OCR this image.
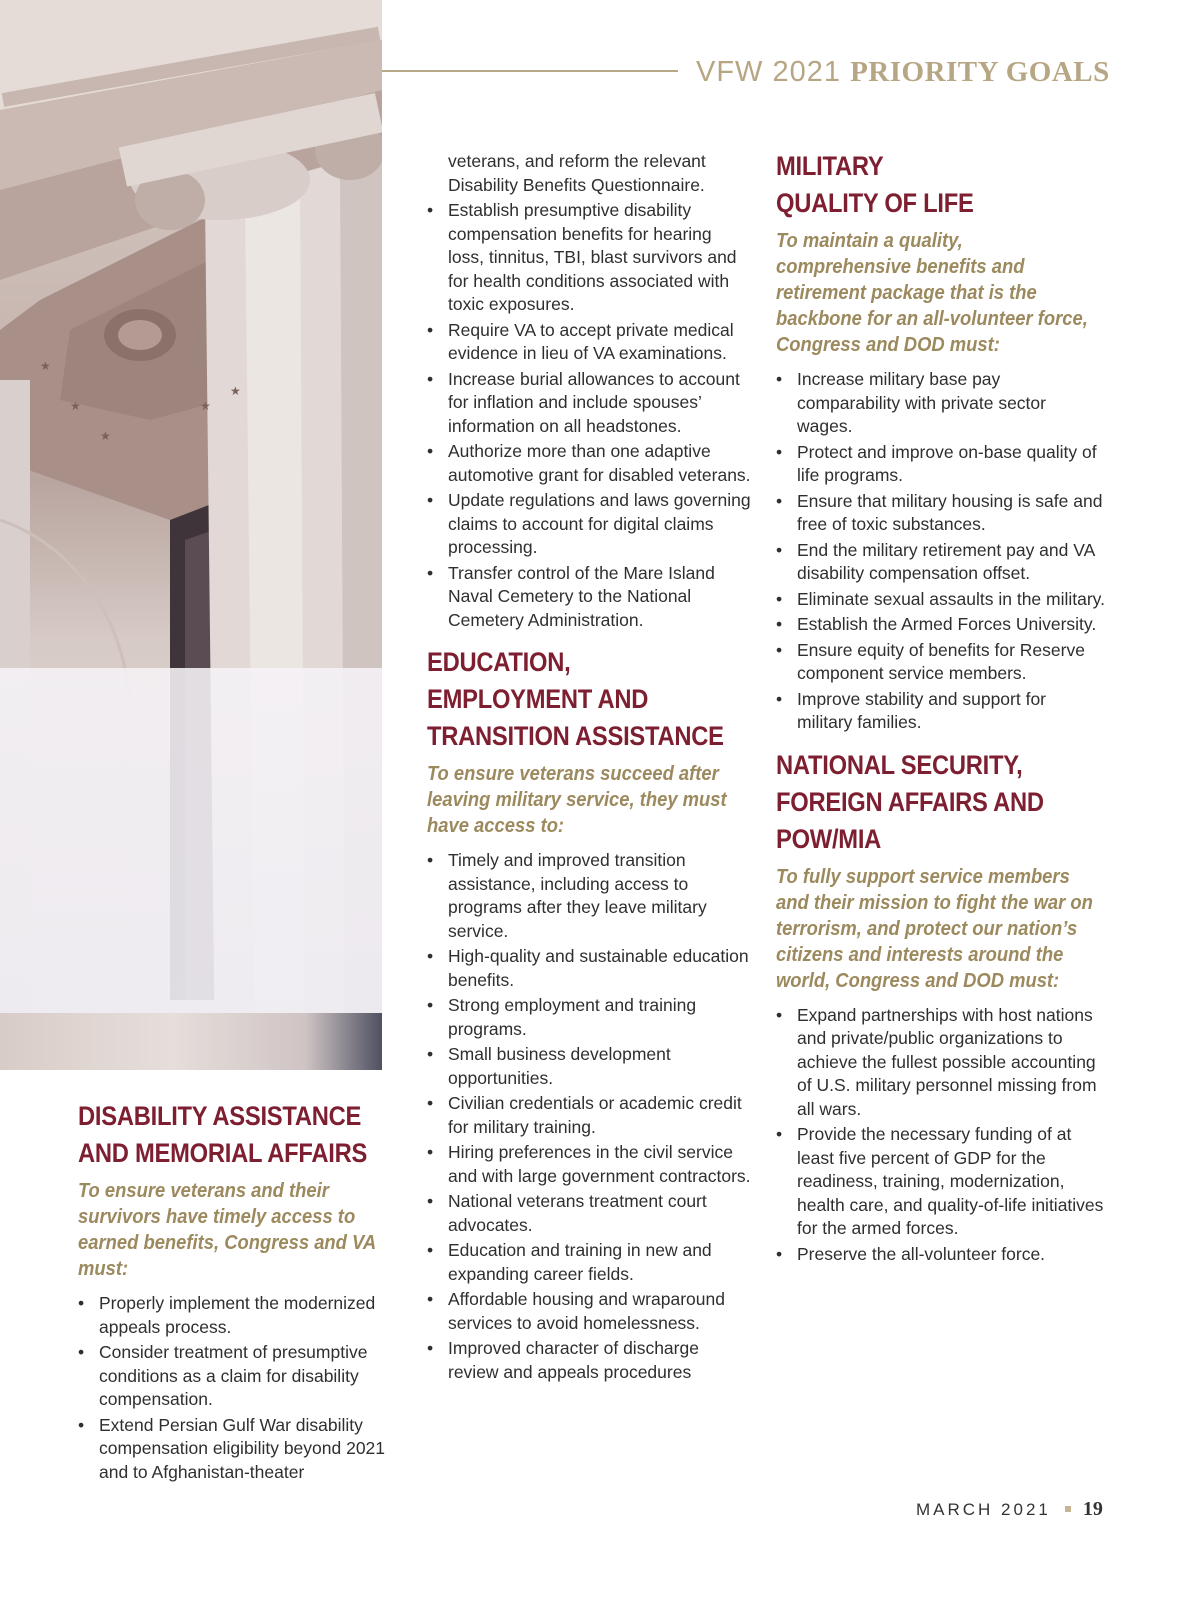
★
★
★
★
★
VFW 2021 PRIORITY GOALS
DISABILITY ASSISTANCE
AND MEMORIAL AFFAIRS
To ensure veterans and their survivors have timely access to earned benefits, Congress and VA must:
• Properly implement the modernized appeals process.
• Consider treatment of presumptive conditions as a claim for disability compensation.
• Extend Persian Gulf War disability compensation eligibility beyond 2021 and to Afghanistan-theater
veterans, and reform the relevant Disability Benefits Questionnaire.
• Establish presumptive disability compensation benefits for hearing loss, tinnitus, TBI, blast survivors and for health conditions associated with toxic exposures.
• Require VA to accept private medical evidence in lieu of VA examinations.
• Increase burial allowances to account for inflation and include spouses’ information on all headstones.
• Authorize more than one adaptive automotive grant for disabled veterans.
• Update regulations and laws governing claims to account for digital claims processing.
• Transfer control of the Mare Island Naval Cemetery to the National Cemetery Administration.
EDUCATION,
EMPLOYMENT AND
TRANSITION ASSISTANCE
To ensure veterans succeed after leaving military service, they must have access to:
• Timely and improved transition assistance, including access to programs after they leave military service.
• High-quality and sustainable education benefits.
• Strong employment and training programs.
• Small business development opportunities.
• Civilian credentials or academic credit for military training.
• Hiring preferences in the civil service and with large government contractors.
• National veterans treatment court advocates.
• Education and training in new and expanding career fields.
• Affordable housing and wraparound services to avoid homelessness.
• Improved character of discharge review and appeals procedures
MILITARY
QUALITY OF LIFE
To maintain a quality, comprehensive benefits and retirement package that is the backbone for an all-volunteer force, Congress and DOD must:
• Increase military base pay comparability with private sector wages.
• Protect and improve on-base quality of life programs.
• Ensure that military housing is safe and free of toxic substances.
• End the military retirement pay and VA disability compensation offset.
• Eliminate sexual assaults in the military.
• Establish the Armed Forces University.
• Ensure equity of benefits for Reserve component service members.
• Improve stability and support for military families.
NATIONAL SECURITY,
FOREIGN AFFAIRS AND
POW/MIA
To fully support service members and their mission to fight the war on terrorism, and protect our nation’s citizens and interests around the world, Congress and DOD must:
• Expand partnerships with host nations and private/public organizations to achieve the fullest possible accounting of U.S. military personnel missing from all wars.
• Provide the necessary funding of at least five percent of GDP for the readiness, training, modernization, health care, and quality-of-life initiatives for the armed forces.
• Preserve the all-volunteer force.
MARCH 2021 19
